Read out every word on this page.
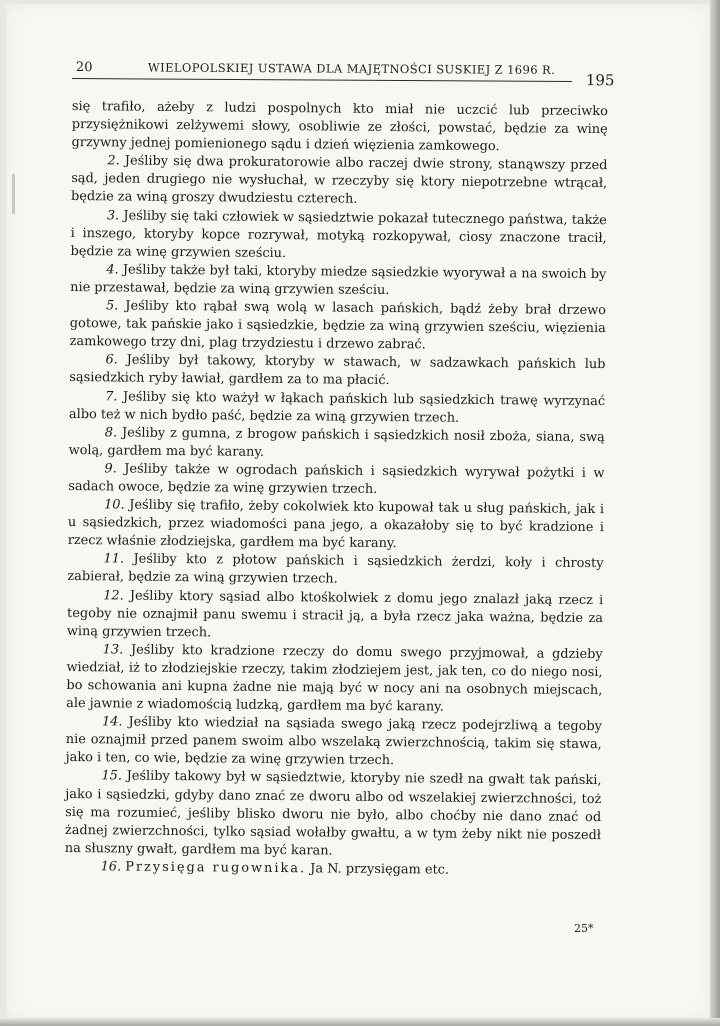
20	WIELOPOLSKIEJ USTAWA DLA MAJĘTNOŚCI SUSKIEJ Z 1696 R.
195

się trafiło, ażeby z ludzi pospolnych kto miał nie uczcić lub przeciwko przysiężnikowi zelżywemi słowy, osobliwie ze złości, powstać, będzie za winę grzywny jednej pomienionego sądu i dzień więzienia zamkowego.

2. Jeśliby się dwa prokuratorowie albo raczej dwie strony, stanąwszy przed sąd, jeden drugiego nie wysłuchał, w rzeczyby się ktory niepotrzebne wtrącał, będzie za winą groszy dwudziestu czterech.

3. Jeśliby się taki człowiek w sąsiedztwie pokazał tutecznego państwa, także i inszego, ktoryby kopce rozrywał, motyką rozkopywał, ciosy znaczone tracił, będzie za winę grzywien sześciu.

4. Jeśliby także był taki, ktoryby miedze sąsiedzkie wyorywał a na swoich by nie przestawał, będzie za winą grzywien sześciu.

5. Jeśliby kto rąbał swą wolą w lasach pańskich, bądź żeby brał drzewo gotowe, tak pańskie jako i sąsiedzkie, będzie za winą grzywien sześciu, więzienia zamkowego trzy dni, plag trzydziestu i drzewo zabrać.

6. Jeśliby był takowy, ktoryby w stawach, w sadzawkach pańskich lub sąsiedzkich ryby ławiał, gardłem za to ma płacić.

7. Jeśliby się kto ważył w łąkach pańskich lub sąsiedzkich trawę wyrzynać albo też w nich bydło paść, będzie za winą grzywien trzech.

8. Jeśliby z gumna, z brogow pańskich i sąsiedzkich nosił zboża, siana, swą wolą, gardłem ma być karany.

9. Jeśliby także w ogrodach pańskich i sąsiedzkich wyrywał pożytki i w sadach owoce, będzie za winę grzywien trzech.

10. Jeśliby się trafiło, żeby cokolwiek kto kupował tak u sług pańskich, jak i u sąsiedzkich, przez wiadomości pana jego, a okazałoby się to być kradzione i rzecz właśnie złodziejska, gardłem ma być karany.

11. Jeśliby kto z płotow pańskich i sąsiedzkich żerdzi, koły i chrosty zabierał, będzie za winą grzywien trzech.

12. Jeśliby ktory sąsiad albo ktośkolwiek z domu jego znalazł jaką rzecz i tegoby nie oznajmił panu swemu i stracił ją, a była rzecz jaka ważna, będzie za winą grzywien trzech.

13. Jeśliby kto kradzione rzeczy do domu swego przyjmował, a gdzieby wiedział, iż to złodziejskie rzeczy, takim złodziejem jest, jak ten, co do niego nosi, bo schowania ani kupna żadne nie mają być w nocy ani na osobnych miejscach, ale jawnie z wiadomością ludzką, gardłem ma być karany.

14. Jeśliby kto wiedział na sąsiada swego jaką rzecz podejrzliwą a tegoby nie oznajmił przed panem swoim albo wszelaką zwierzchnością, takim się stawa, jako i ten, co wie, będzie za winę grzywien trzech.

15. Jeśliby takowy był w sąsiedztwie, ktoryby nie szedł na gwałt tak pański, jako i sąsiedzki, gdyby dano znać ze dworu albo od wszelakiej zwierzchności, toż się ma rozumieć, jeśliby blisko dworu nie było, albo choćby nie dano znać od żadnej zwierzchności, tylko sąsiad wołałby gwałtu, a w tym żeby nikt nie poszedł na słuszny gwałt, gardłem ma być karan.

16. Przysięga rugownika. Ja N. przysięgam etc.

25*
